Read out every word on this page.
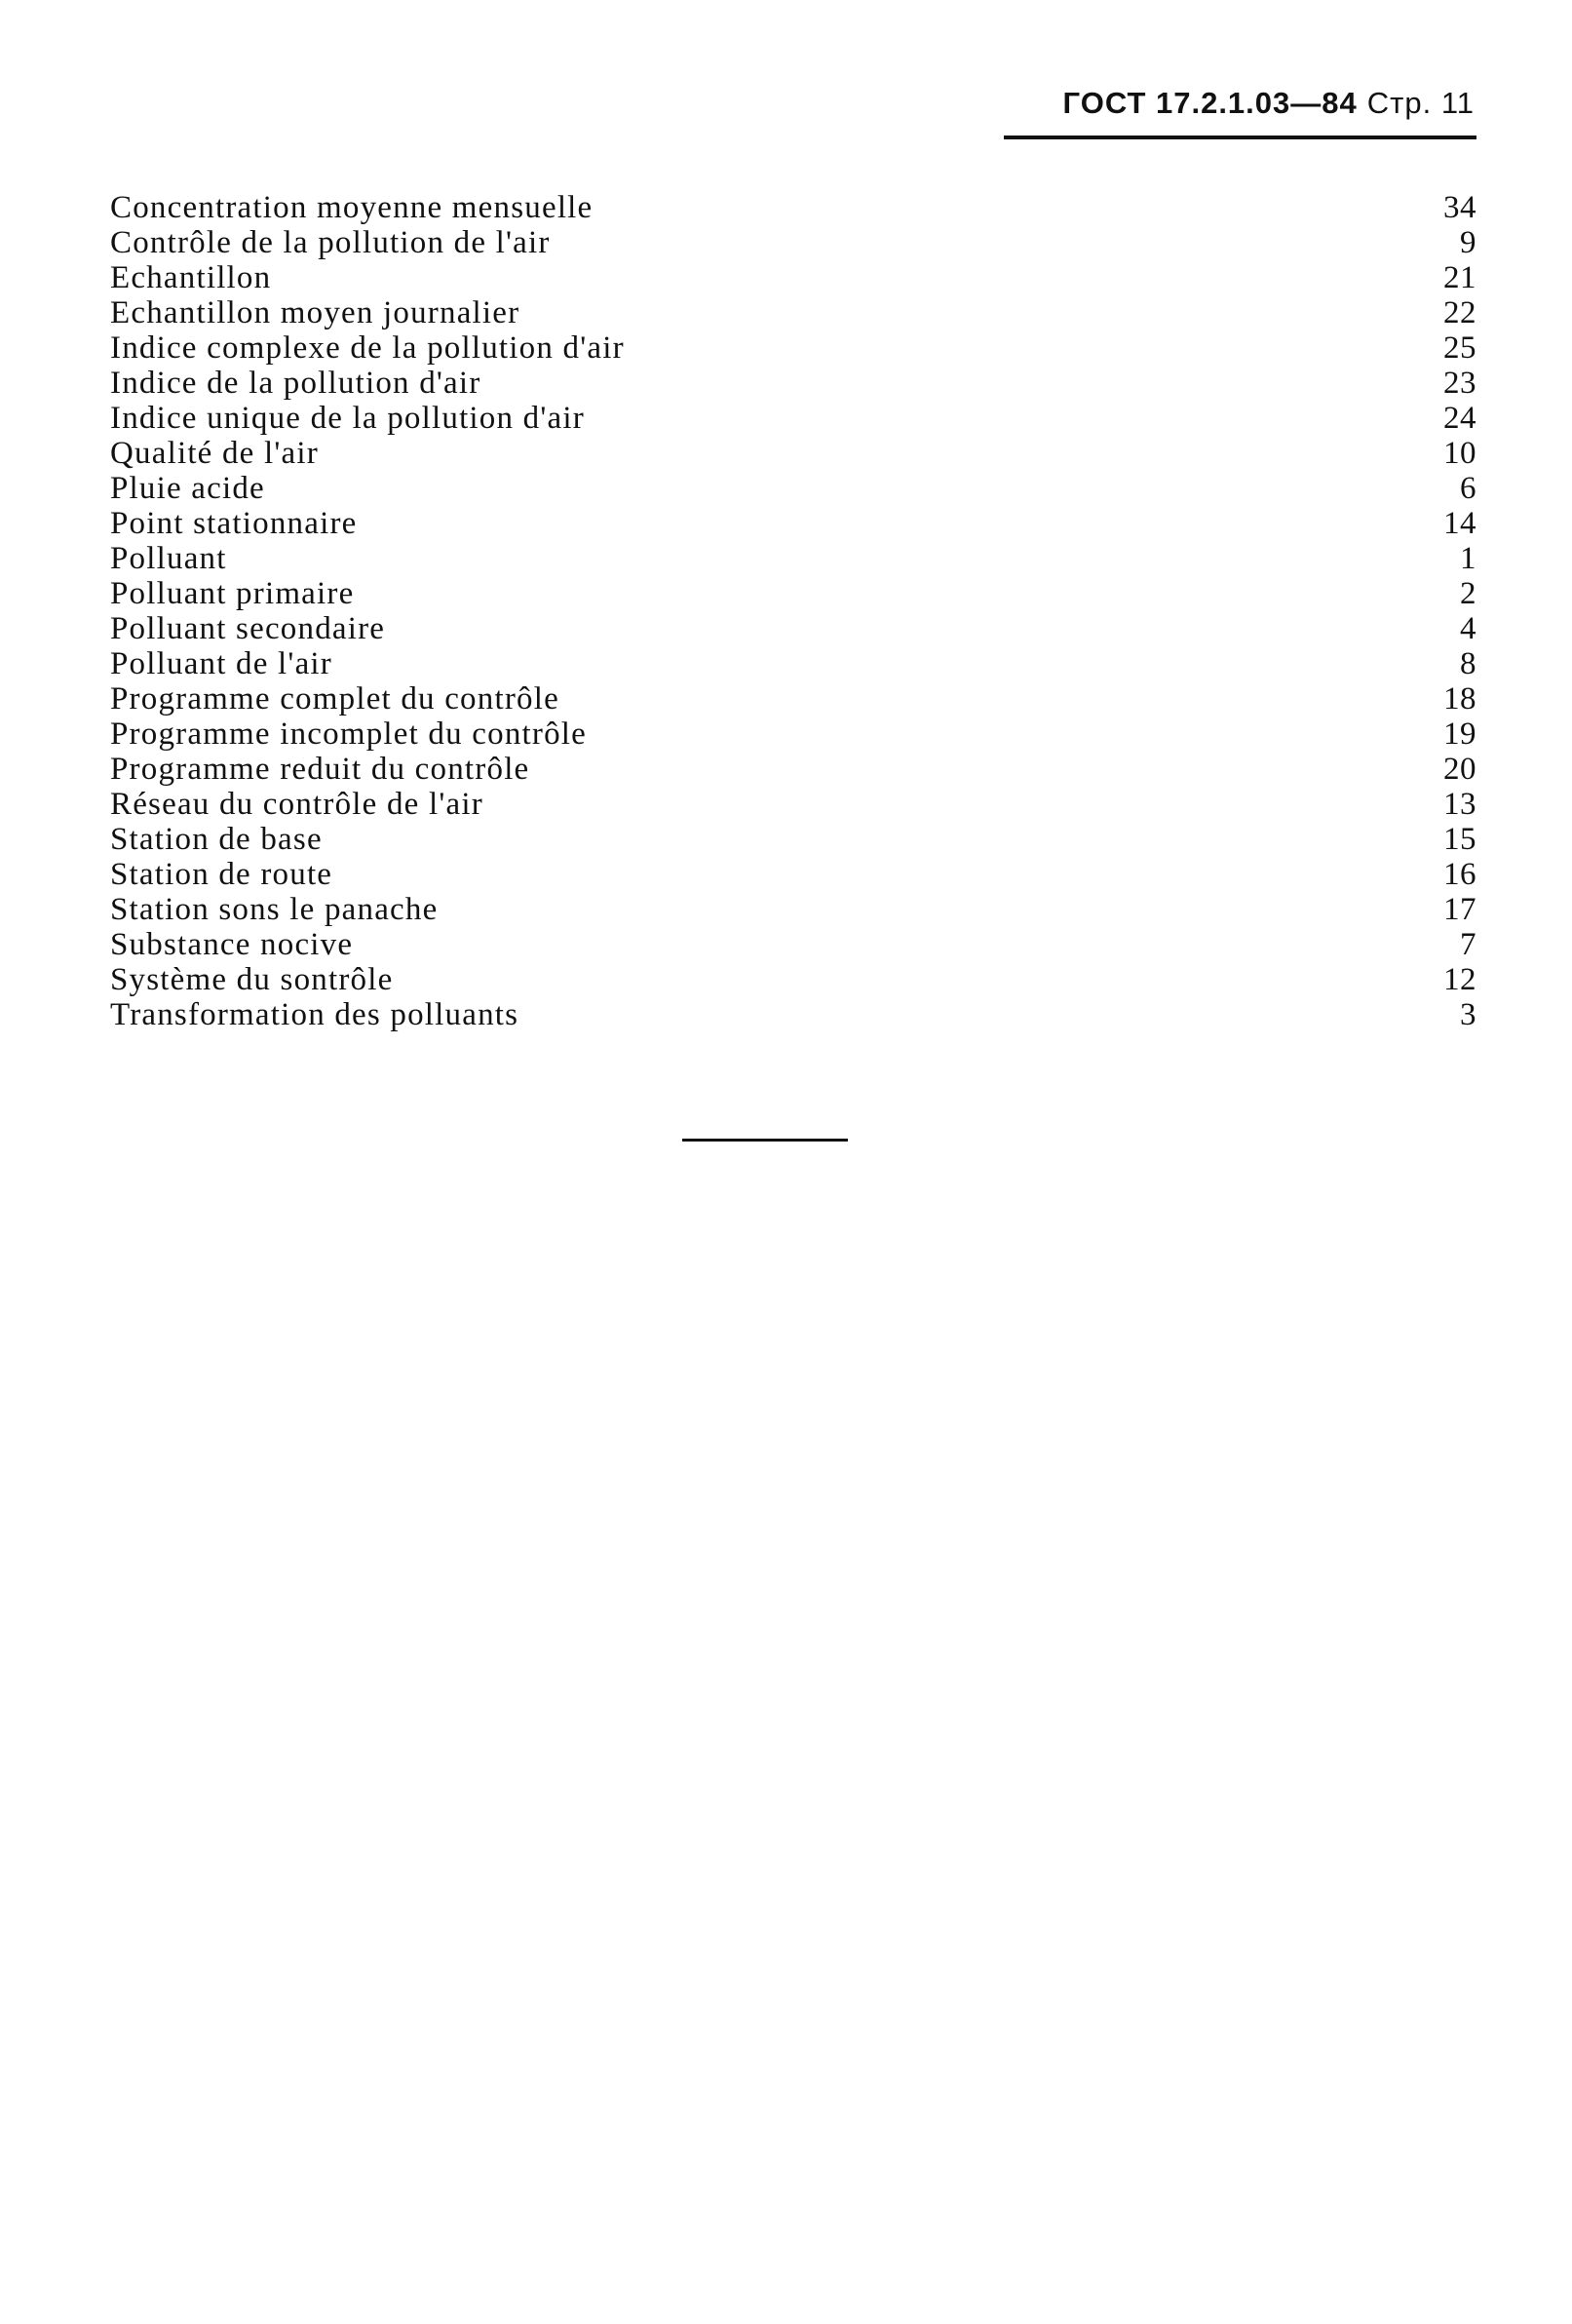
ГОСТ 17.2.1.03—84 Стр. 11
Concentration moyenne mensuelle	34
Contrôle de la pollution de l'air	9
Echantillon	21
Echantillon moyen journalier	22
Indice complexe de la pollution d'air	25
Indice de la pollution d'air	23
Indice unique de la pollution d'air	24
Qualité de l'air	10
Pluie acide	6
Point stationnaire	14
Polluant	1
Polluant primaire	2
Polluant secondaire	4
Polluant de l'air	8
Programme complet du contrôle	18
Programme incomplet du contrôle	19
Programme reduit du contrôle	20
Réseau du contrôle de l'air	13
Station de base	15
Station de route	16
Station sons le panache	17
Substance nocive	7
Système du sontrôle	12
Transformation des polluants	3
